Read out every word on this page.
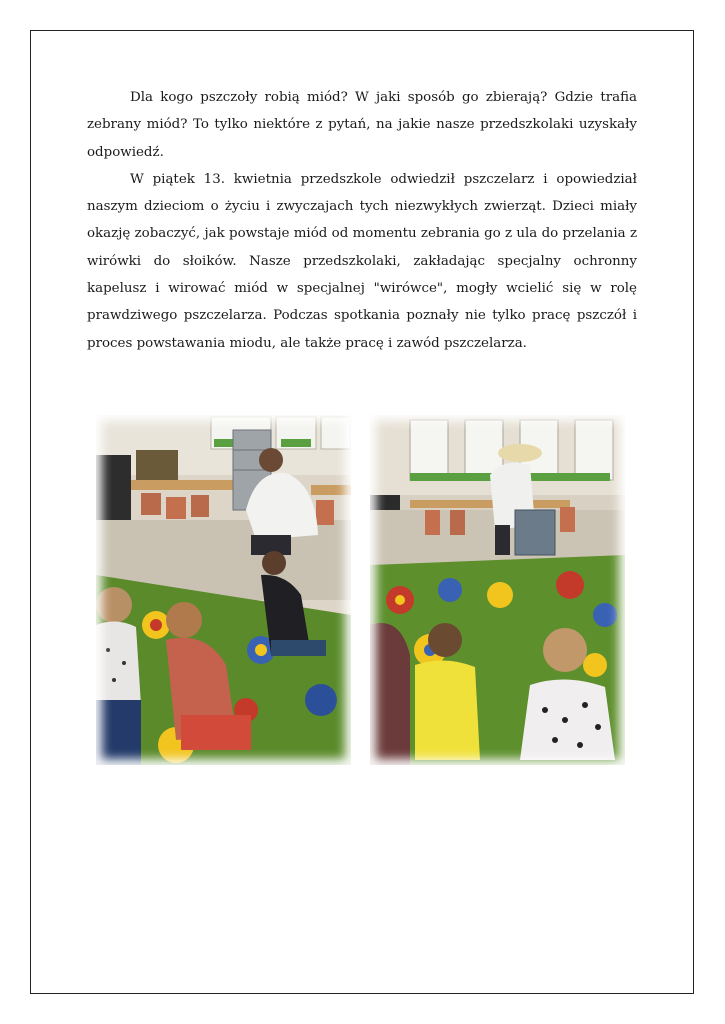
Dla kogo pszczoły robią miód? W jaki sposób go zbierają? Gdzie trafia zebrany miód? To tylko niektóre z pytań, na jakie nasze przedszkolaki uzyskały odpowiedź.

W piątek 13. kwietnia przedszkole odwiedził pszczelarz i opowiedział naszym dzieciom o życiu i zwyczajach tych niezwykłych zwierząt. Dzieci miały okazję zobaczyć, jak powstaje miód od momentu zebrania go z ula do przelania z wirówki do słoików. Nasze przedszkolaki, zakładając specjalny ochronny kapelusz i wirować miód w specjalnej "wirówce", mogły wcielić się w rolę prawdziwego pszczelarza. Podczas spotkania poznały nie tylko pracę pszczół i proces powstawania miodu, ale także pracę i zawód pszczelarza.
